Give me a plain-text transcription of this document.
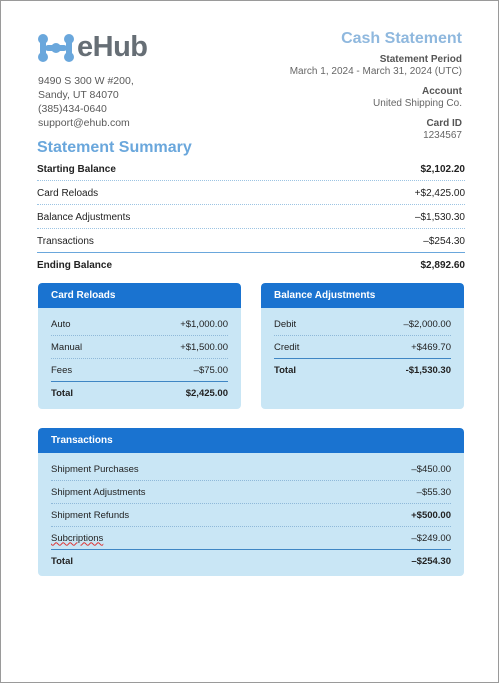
eHub
9490 S 300 W #200,
Sandy, UT 84070
(385)434-0640
support@ehub.com
Cash Statement
Statement Period
March 1, 2024 - March 31, 2024 (UTC)
Account
United Shipping Co.
Card ID
1234567
Statement Summary
Starting Balance	$2,102.20
Card Reloads	+$2,425.00
Balance Adjustments	–$1,530.30
Transactions	–$254.30
Ending Balance	$2,892.60
Card Reloads
Auto	+$1,000.00
Manual	+$1,500.00
Fees	–$75.00
Total	$2,425.00
Balance Adjustments
Debit	–$2,000.00
Credit	+$469.70
Total	-$1,530.30
Transactions
Shipment Purchases	–$450.00
Shipment Adjustments	–$55.30
Shipment Refunds	+$500.00
Subcriptions	–$249.00
Total	–$254.30
